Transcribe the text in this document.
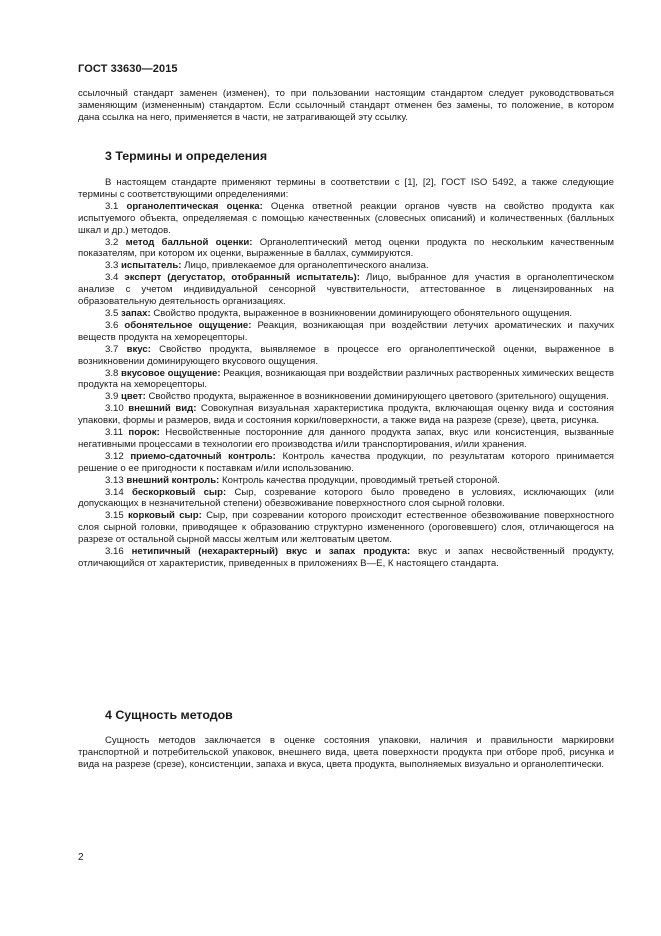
ГОСТ 33630—2015

ссылочный стандарт заменен (изменен), то при пользовании настоящим стандартом следует руководствоваться заменяющим (измененным) стандартом. Если ссылочный стандарт отменен без замены, то положение, в котором дана ссылка на него, применяется в части, не затрагивающей эту ссылку.

3 Термины и определения

В настоящем стандарте применяют термины в соответствии с [1], [2], ГОСТ ISO 5492, а также следующие термины с соответствующими определениями:

3.1 органолептическая оценка: Оценка ответной реакции органов чувств на свойство продукта как испытуемого объекта, определяемая с помощью качественных (словесных описаний) и количественных (балльных шкал и др.) методов.

3.2 метод балльной оценки: Органолептический метод оценки продукта по нескольким качественным показателям, при котором их оценки, выраженные в баллах, суммируются.

3.3 испытатель: Лицо, привлекаемое для органолептического анализа.

3.4 эксперт (дегустатор, отобранный испытатель): Лицо, выбранное для участия в органолептическом анализе с учетом индивидуальной сенсорной чувствительности, аттестованное в лицензированных на образовательную деятельность организациях.

3.5 запах: Свойство продукта, выраженное в возникновении доминирующего обонятельного ощущения.

3.6 обонятельное ощущение: Реакция, возникающая при воздействии летучих ароматических и пахучих веществ продукта на хеморецепторы.

3.7 вкус: Свойство продукта, выявляемое в процессе его органолептической оценки, выраженное в возникновении доминирующего вкусового ощущения.

3.8 вкусовое ощущение: Реакция, возникающая при воздействии различных растворенных химических веществ продукта на хеморецепторы.

3.9 цвет: Свойство продукта, выраженное в возникновении доминирующего цветового (зрительного) ощущения.

3.10 внешний вид: Совокупная визуальная характеристика продукта, включающая оценку вида и состояния упаковки, формы и размеров, вида и состояния корки/поверхности, а также вида на разрезе (срезе), цвета, рисунка.

3.11 порок: Несвойственные посторонние для данного продукта запах, вкус или консистенция, вызванные негативными процессами в технологии его производства и/или транспортирования, и/или хранения.

3.12 приемо-сдаточный контроль: Контроль качества продукции, по результатам которого принимается решение о ее пригодности к поставкам и/или использованию.

3.13 внешний контроль: Контроль качества продукции, проводимый третьей стороной.

3.14 бескорковый сыр: Сыр, созревание которого было проведено в условиях, исключающих (или допускающих в незначительной степени) обезвоживание поверхностного слоя сырной головки.

3.15 корковый сыр: Сыр, при созревании которого происходит естественное обезвоживание поверхностного слоя сырной головки, приводящее к образованию структурно измененного (ороговевшего) слоя, отличающегося на разрезе от остальной сырной массы желтым или желтоватым цветом.

3.16 нетипичный (нехарактерный) вкус и запах продукта: вкус и запах несвойственный продукту, отличающийся от характеристик, приведенных в приложениях В—Е, К настоящего стандарта.

4 Сущность методов

Сущность методов заключается в оценке состояния упаковки, наличия и правильности маркировки транспортной и потребительской упаковок, внешнего вида, цвета поверхности продукта при отборе проб, рисунка и вида на разрезе (срезе), консистенции, запаха и вкуса, цвета продукта, выполняемых визуально и органолептически.

2
